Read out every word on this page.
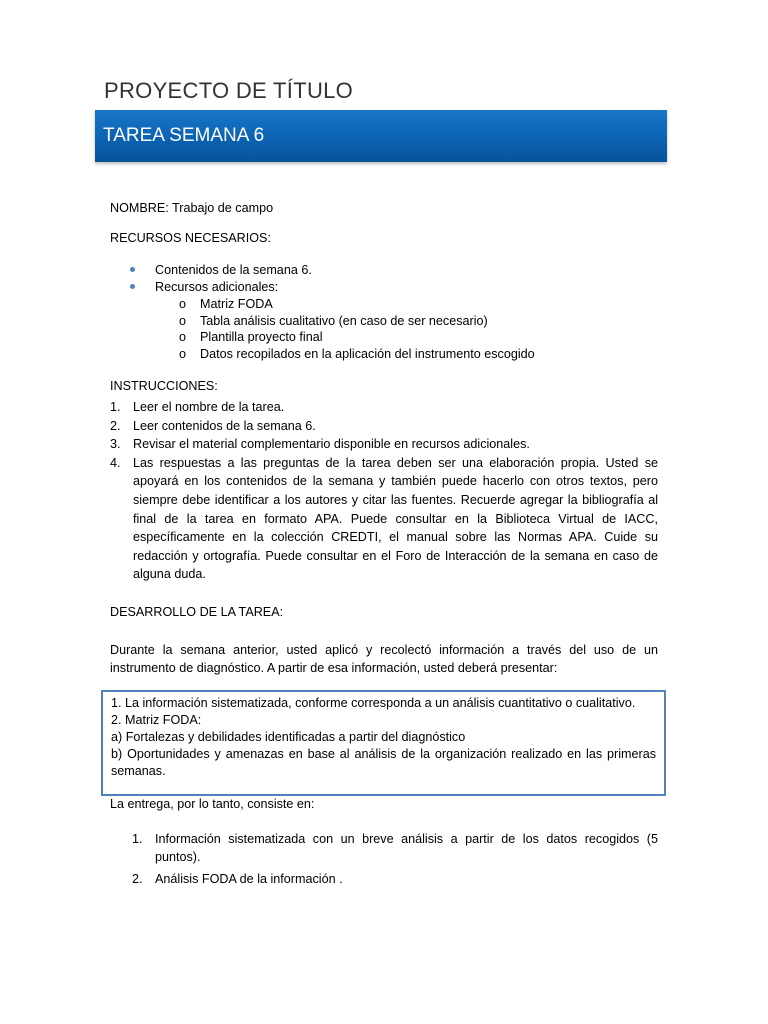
PROYECTO DE TÍTULO
TAREA SEMANA 6
NOMBRE: Trabajo de campo
RECURSOS NECESARIOS:
Contenidos de la semana 6.
Recursos adicionales:
o Matriz FODA
o Tabla análisis cualitativo (en caso de ser necesario)
o Plantilla proyecto final
o Datos recopilados en la aplicación del instrumento escogido
INSTRUCCIONES:
1. Leer el nombre de la tarea.
2. Leer contenidos de la semana 6.
3. Revisar el material complementario disponible en recursos adicionales.
4. Las respuestas a las preguntas de la tarea deben ser una elaboración propia. Usted se apoyará en los contenidos de la semana y también puede hacerlo con otros textos, pero siempre debe identificar a los autores y citar las fuentes. Recuerde agregar la bibliografía al final de la tarea en formato APA. Puede consultar en la Biblioteca Virtual de IACC, específicamente en la colección CREDTI, el manual sobre las Normas APA. Cuide su redacción y ortografía. Puede consultar en el Foro de Interacción de la semana en caso de alguna duda.
DESARROLLO DE LA TAREA:
Durante la semana anterior, usted aplicó y recolectó información a través del uso de un instrumento de diagnóstico. A partir de esa información, usted deberá presentar:
1. La información sistematizada, conforme corresponda a un análisis cuantitativo o cualitativo.
2. Matriz FODA:
a) Fortalezas y debilidades identificadas a partir del diagnóstico
b) Oportunidades y amenazas en base al análisis de la organización realizado en las primeras semanas.
La entrega, por lo tanto, consiste en:
1. Información sistematizada con un breve análisis a partir de los datos recogidos (5 puntos).
2. Análisis FODA de la información .
